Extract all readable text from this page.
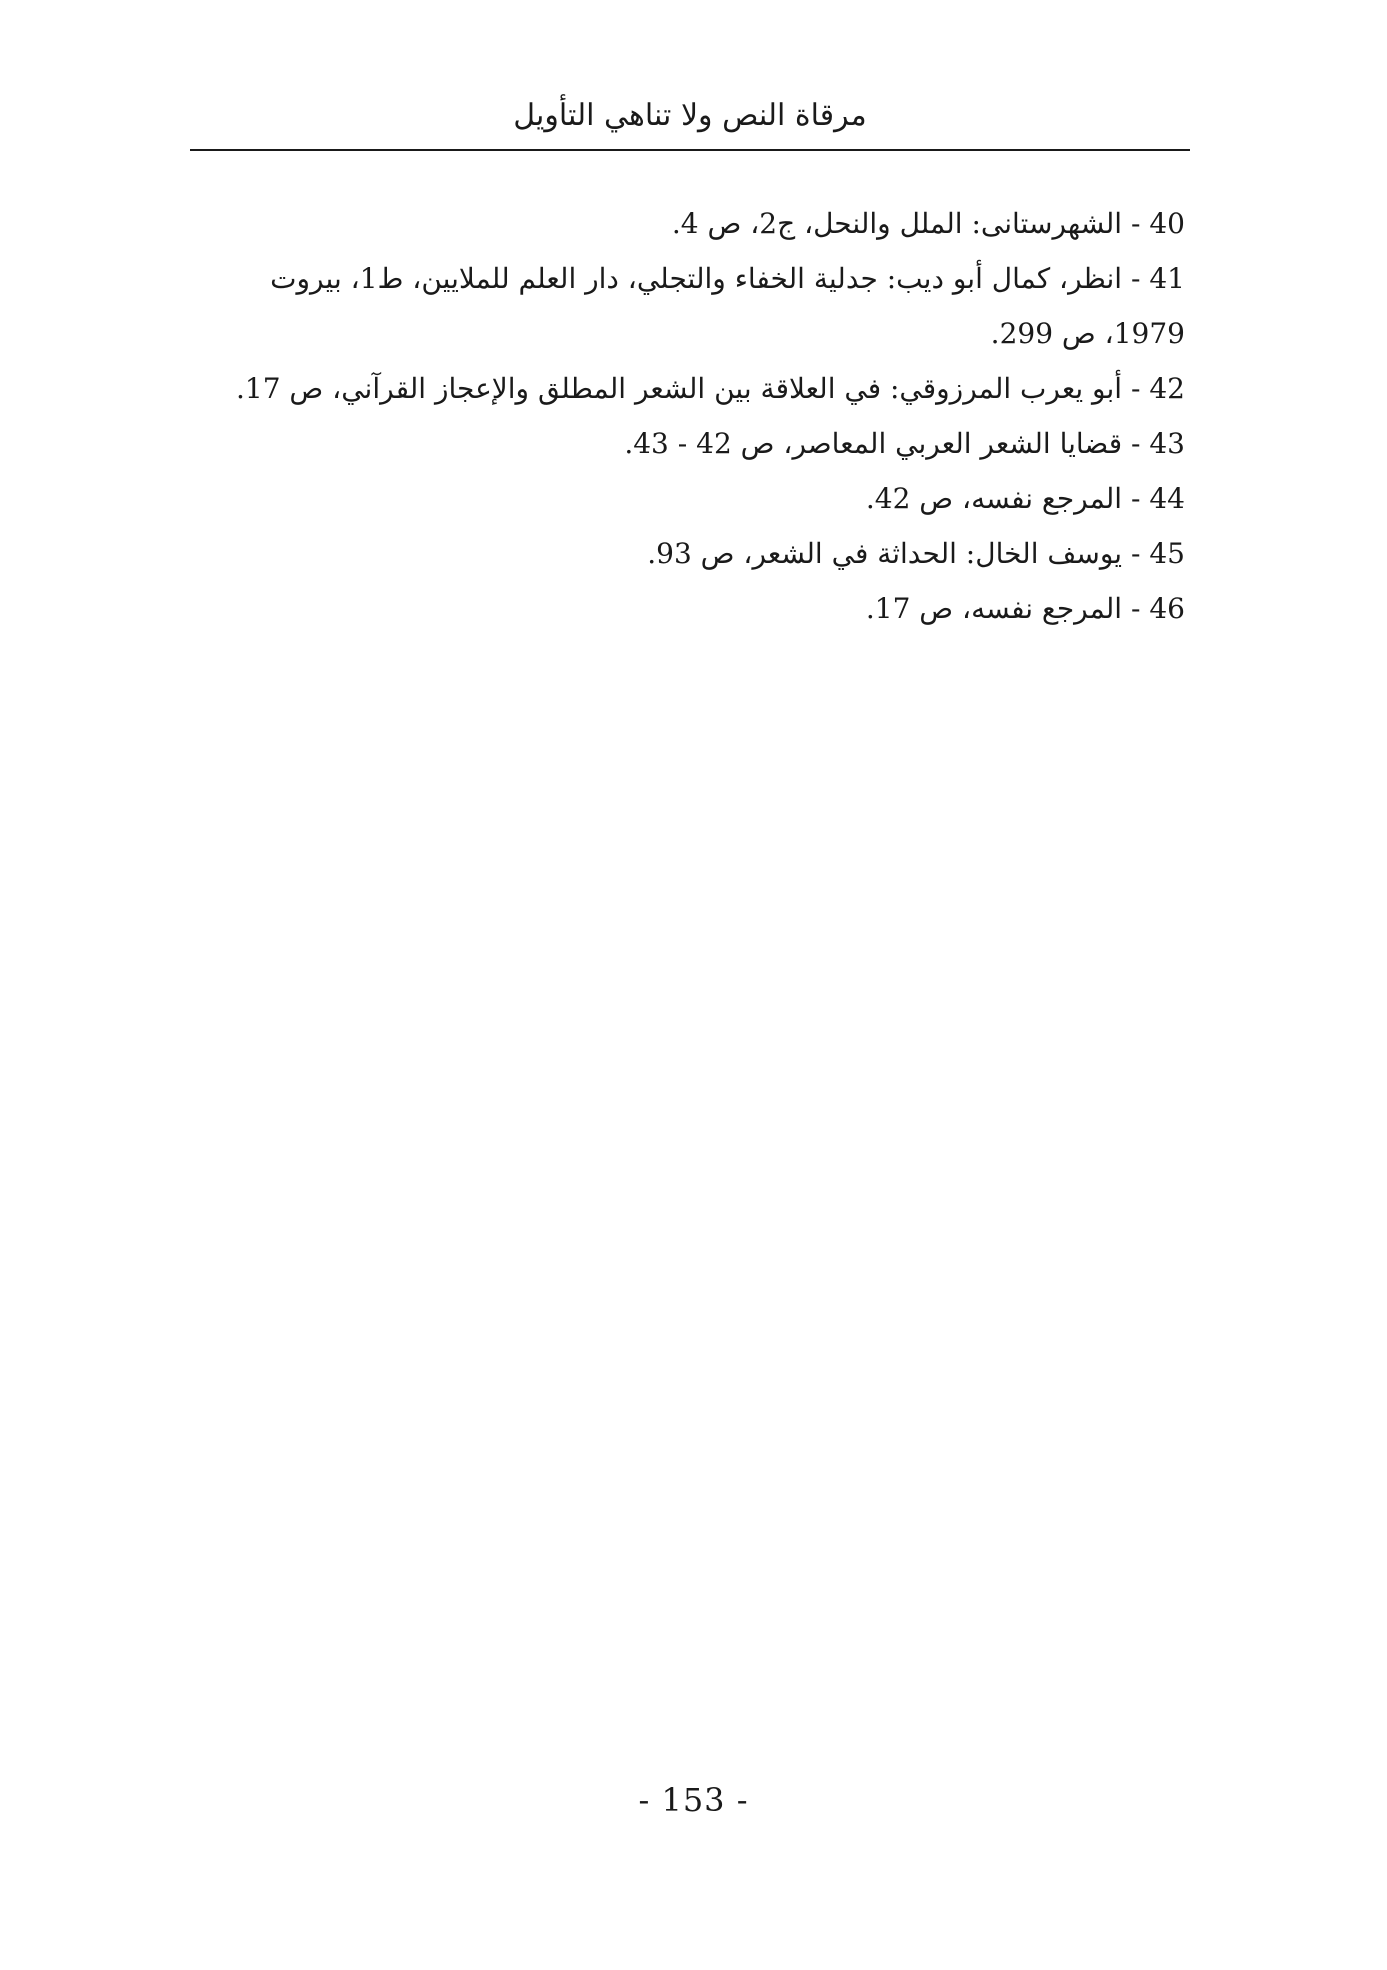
مرقاة النص ولا تناهي التأويل

40 - الشهرستانى: الملل والنحل، ج2، ص 4.

41 - انظر، كمال أبو ديب: جدلية الخفاء والتجلي، دار العلم للملايين، ط1، بيروت 1979، ص 299.

42 - أبو يعرب المرزوقي: في العلاقة بين الشعر المطلق والإعجاز القرآني، ص 17.

43 - قضايا الشعر العربي المعاصر، ص 42 - 43.

44 - المرجع نفسه، ص 42.

45 - يوسف الخال: الحداثة في الشعر، ص 93.

46 - المرجع نفسه، ص 17.

- 153 -
